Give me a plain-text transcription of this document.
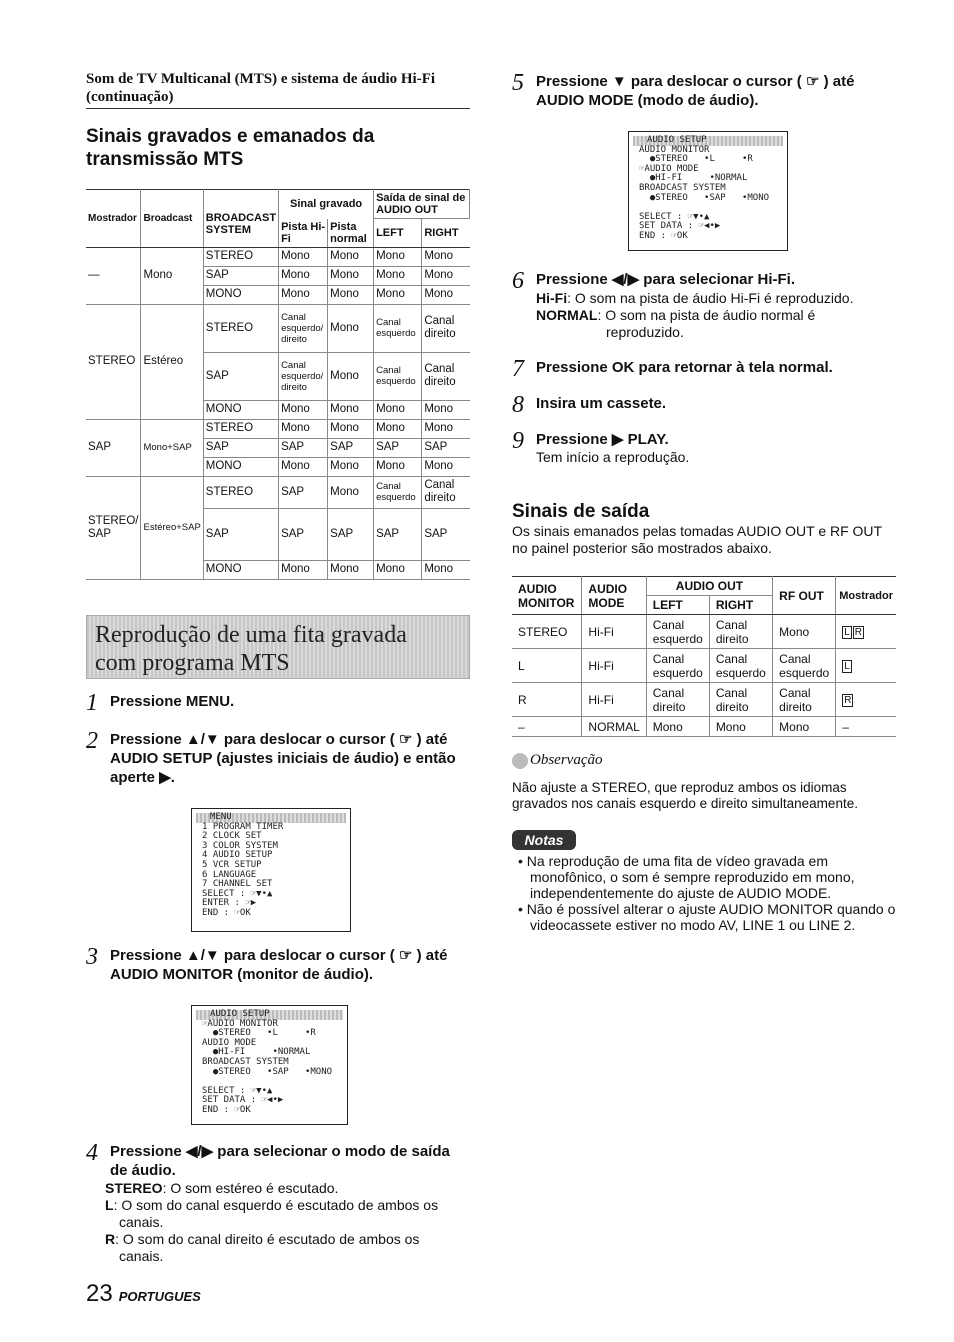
Som de TV Multicanal (MTS) e sistema de áudio Hi-Fi (continuação)
Sinais gravados e emanados da transmissão MTS
Mostrador	Broadcast	BROADCAST SYSTEM	Sinal gravado		Saída de sinal de AUDIO OUT	
			Pista Hi-Fi	Pista normal	LEFT	RIGHT
—	Mono	STEREO	Mono	Mono	Mono	Mono
		SAP	Mono	Mono	Mono	Mono
		MONO	Mono	Mono	Mono	Mono
STEREO	Estéreo	STEREO	Canal esquerdo/ direito	Mono	Canal esquerdo	Canal direito
		SAP	Canal esquerdo/ direito	Mono	Canal esquerdo	Canal direito
		MONO	Mono	Mono	Mono	Mono
SAP	Mono+SAP	STEREO	Mono	Mono	Mono	Mono
		SAP	SAP	SAP	SAP	SAP
		MONO	Mono	Mono	Mono	Mono
STEREO/ SAP	Estéreo+SAP	STEREO	SAP	Mono	Canal esquerdo	Canal direito
		SAP	SAP	SAP	SAP	SAP
		MONO	Mono	Mono	Mono	Mono
Reprodução de uma fita gravada
com programa MTS
1 Pressione MENU.
2 Pressione ▲/▼ para deslocar o cursor ( ☞ ) até AUDIO SETUP (ajustes iniciais de áudio) e então aperte ▶.
MENU
1 PROGRAM TIMER
2 CLOCK SET
3 COLOR SYSTEM
4 AUDIO SETUP
5 VCR SETUP
6 LANGUAGE
7 CHANNEL SET
SELECT : ☞▼•▲
ENTER : ☞▶
END : ☞OK
3 Pressione ▲/▼ para deslocar o cursor ( ☞ ) até AUDIO MONITOR (monitor de áudio).
AUDIO SETUP
☞AUDIO MONITOR
●STEREO   •L     •R
AUDIO MODE
●HI-FI     •NORMAL
BROADCAST SYSTEM
●STEREO   •SAP   •MONO

SELECT : ☞▼•▲
SET DATA : ☞◀•▶
END : ☞OK
4 Pressione ◀/▶ para selecionar o modo de saída de áudio.
STEREO: O som estéreo é escutado.
L: O som do canal esquerdo é escutado de ambos os canais.
R: O som do canal direito é escutado de ambos os canais.
23 PORTUGUES
5 Pressione ▼ para deslocar o cursor ( ☞ ) até AUDIO MODE (modo de áudio).
AUDIO SETUP
AUDIO MONITOR
●STEREO   •L     •R
☞AUDIO MODE
●HI-FI     •NORMAL
BROADCAST SYSTEM
●STEREO   •SAP   •MONO

SELECT : ☞▼•▲
SET DATA : ☞◀•▶
END : ☞OK
6 Pressione ◀/▶ para selecionar Hi-Fi.
Hi-Fi: O som na pista de áudio Hi-Fi é reproduzido.
NORMAL: O som na pista de áudio normal é reproduzido.
7 Pressione OK para retornar à tela normal.
8 Insira um cassete.
9 Pressione ▶ PLAY.
Tem início a reprodução.
Sinais de saída
Os sinais emanados pelas tomadas AUDIO OUT e RF OUT no painel posterior são mostrados abaixo.
AUDIO MONITOR	AUDIO MODE	AUDIO OUT		RF OUT	Mostrador
		LEFT	RIGHT		
STEREO	Hi-Fi	Canal esquerdo	Canal direito	Mono	L R
L	Hi-Fi	Canal esquerdo	Canal esquerdo	Canal esquerdo	L
R	Hi-Fi	Canal direito	Canal direito	Canal direito	R
–	NORMAL	Mono	Mono	Mono	–
Observação
Não ajuste a STEREO, que reproduz ambos os idiomas gravados nos canais esquerdo e direito simultaneamente.
Notas
• Na reprodução de uma fita de vídeo gravada em monofônico, o som é sempre reproduzido em mono, independentemente do ajuste de AUDIO MODE.
• Não é possível alterar o ajuste AUDIO MONITOR quando o videocassete estiver no modo AV, LINE 1 ou LINE 2.
